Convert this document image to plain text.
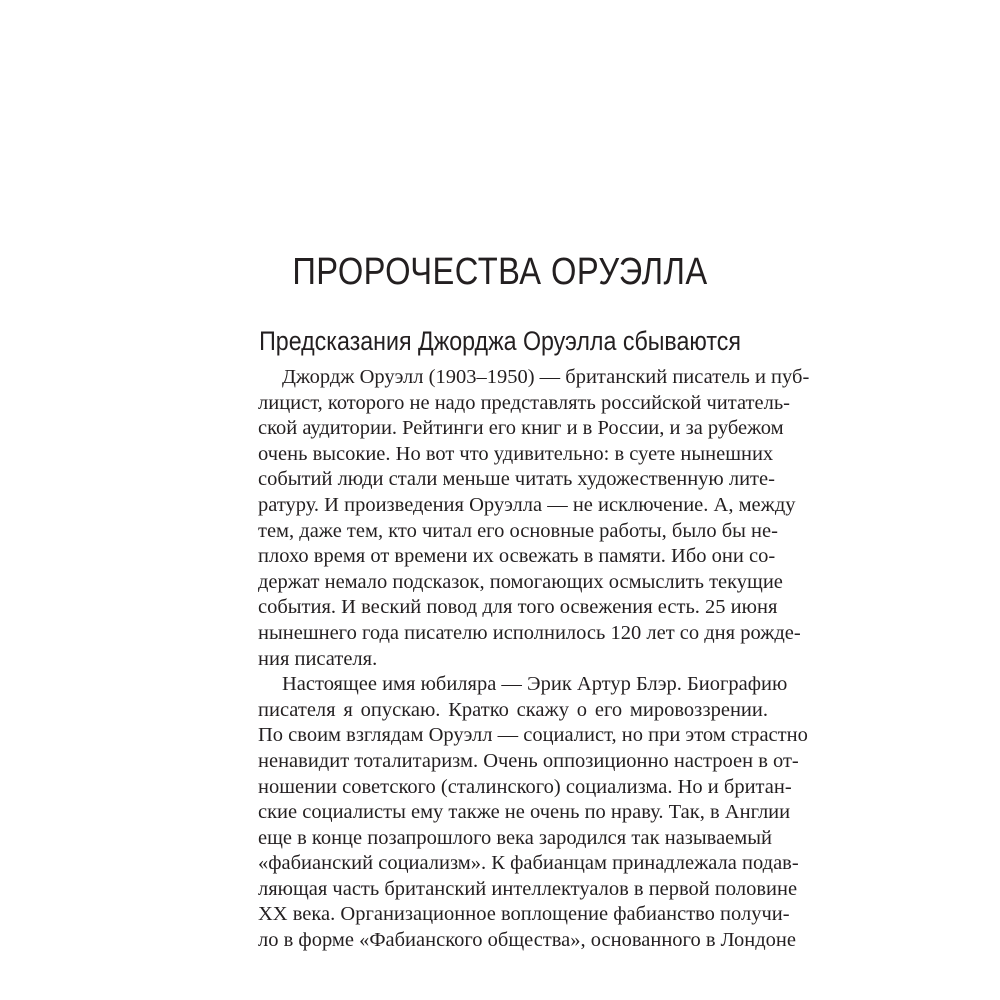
ПРОРОЧЕСТВА ОРУЭЛЛА
Предсказания Джорджа Оруэлла сбываются
Джордж Оруэлл (1903–1950) — британский писатель и пуб-
лицист, которого не надо представлять российской читатель-
ской аудитории. Рейтинги его книг и в России, и за рубежом
очень высокие. Но вот что удивительно: в суете нынешних
событий люди стали меньше читать художественную лите-
ратуру. И произведения Оруэлла — не исключение. А, между
тем, даже тем, кто читал его основные работы, было бы не-
плохо время от времени их освежать в памяти. Ибо они со-
держат немало подсказок, помогающих осмыслить текущие
события. И веский повод для того освежения есть. 25 июня
нынешнего года писателю исполнилось 120 лет со дня рожде-
ния писателя.
Настоящее имя юбиляра — Эрик Артур Блэр. Биографию
писателя я опускаю. Кратко скажу о его мировоззрении.
По своим взглядам Оруэлл — социалист, но при этом страстно
ненавидит тоталитаризм. Очень оппозиционно настроен в от-
ношении советского (сталинского) социализма. Но и британ-
ские социалисты ему также не очень по нраву. Так, в Англии
еще в конце позапрошлого века зародился так называемый
«фабианский социализм». К фабианцам принадлежала подав-
ляющая часть британский интеллектуалов в первой половине
XX века. Организационное воплощение фабианство получи-
ло в форме «Фабианского общества», основанного в Лондоне
